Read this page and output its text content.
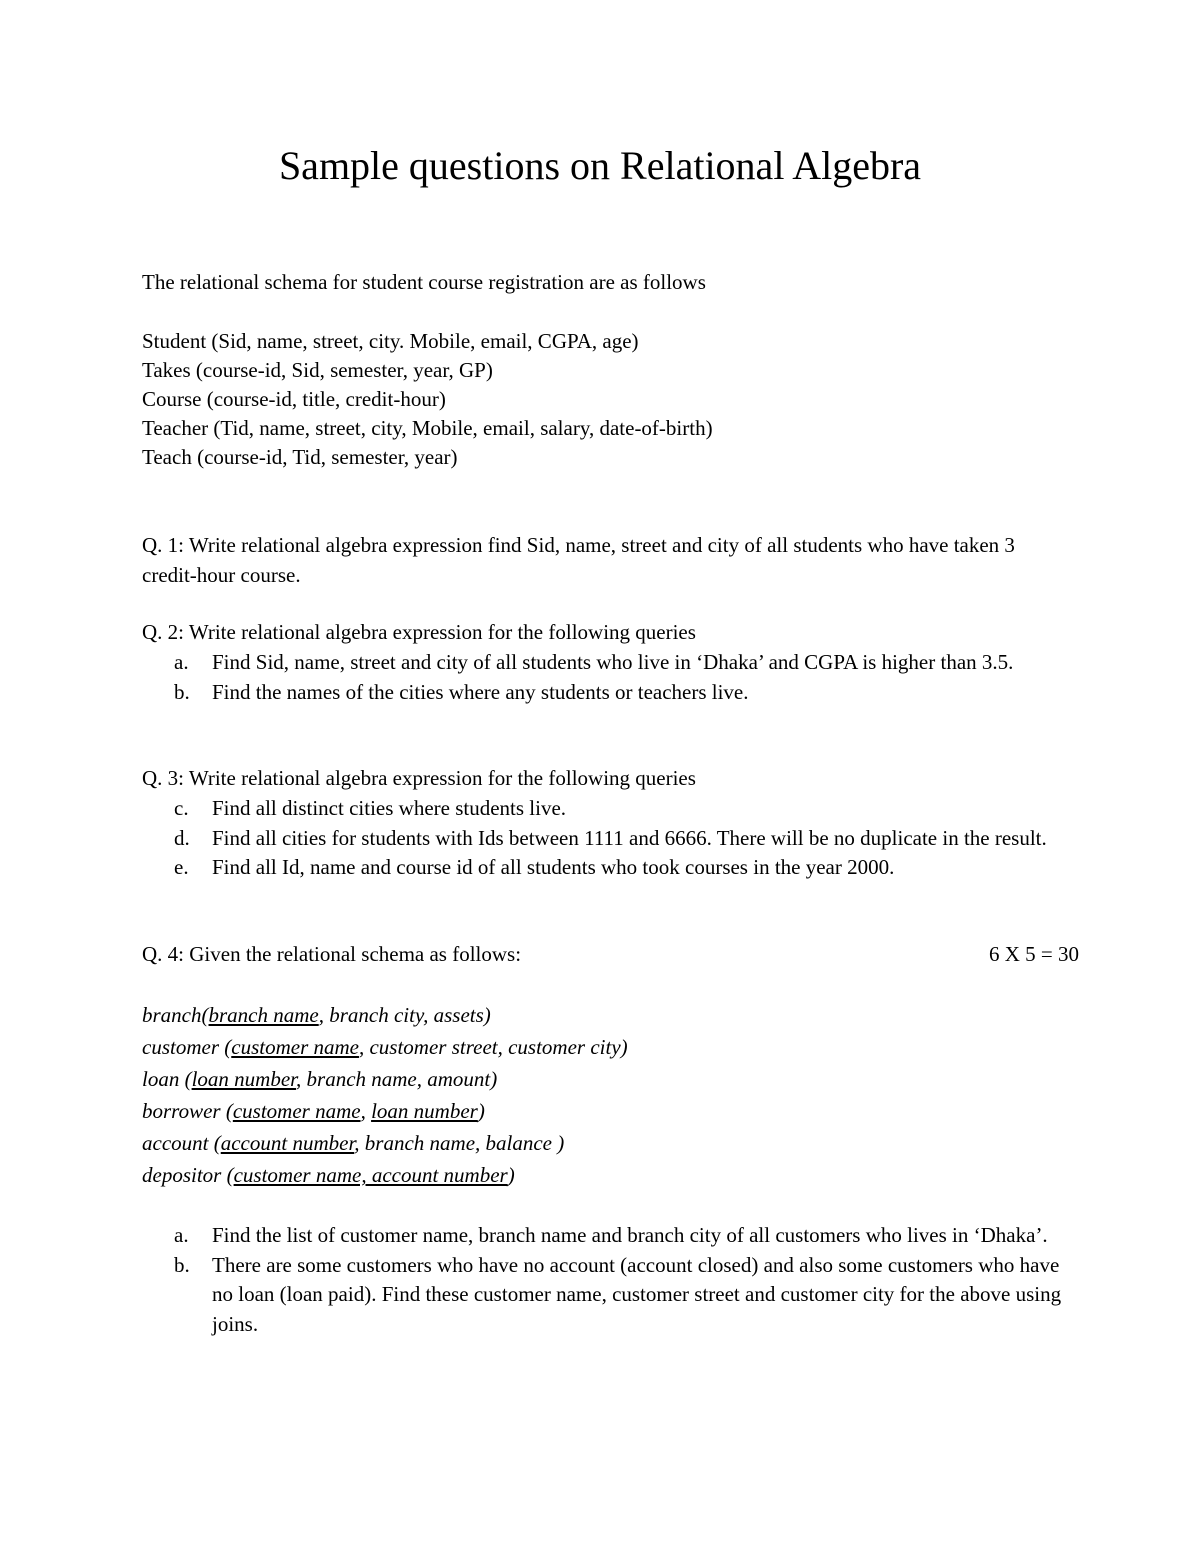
Sample questions on Relational Algebra
The relational schema for student course registration are as follows
Student (Sid, name, street, city. Mobile, email, CGPA, age)
Takes (course-id, Sid, semester, year, GP)
Course (course-id, title, credit-hour)
Teacher (Tid, name, street, city, Mobile, email, salary, date-of-birth)
Teach (course-id, Tid, semester, year)
Q. 1: Write relational algebra expression find Sid, name, street and city of all students who have taken 3 credit-hour course.
Q. 2: Write relational algebra expression for the following queries
a. Find Sid, name, street and city of all students who live in ‘Dhaka’ and CGPA is higher than 3.5.
b. Find the names of the cities where any students or teachers live.
Q. 3: Write relational algebra expression for the following queries
c. Find all distinct cities where students live.
d. Find all cities for students with Ids between 1111 and 6666. There will be no duplicate in the result.
e. Find all Id, name and course id of all students who took courses in the year 2000.
Q. 4: Given the relational schema as follows:	6 X 5 = 30
branch(branch name, branch city, assets)
customer (customer name, customer street, customer city)
loan (loan number, branch name, amount)
borrower (customer name, loan number)
account (account number, branch name, balance )
depositor (customer name, account number)
a. Find the list of customer name, branch name and branch city of all customers who lives in ‘Dhaka’.
b. There are some customers who have no account (account closed) and also some customers who have no loan (loan paid). Find these customer name, customer street and customer city for the above using joins.
